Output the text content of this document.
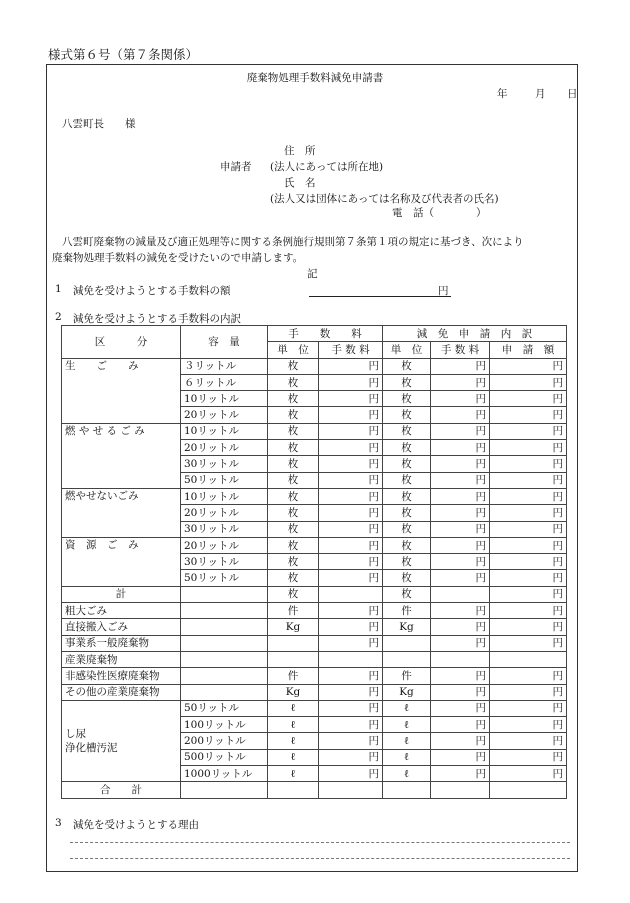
様式第６号（第７条関係）
廃棄物処理手数料減免申請書
年	月 日
八雲町長　　様
住　所
申請者 (法人にあっては所在地)
氏　名
(法人又は団体にあっては名称及び代表者の氏名)
電　話（　　　　）
八雲町廃棄物の減量及び適正処理等に関する条例施行規則第７条第１項の規定に基づき、次により
廃棄物処理手数料の減免を受けたいので申請します。
記
1 減免を受けようとする手数料の額	円
2 減免を受けようとする手数料の内訳
区　　　分	容　量	手　　数　　料		減　免　申　請　内　訳		
		単　位	手 数 料	単　位	手 数 料	申　請　額
生　　ご　　み	３リットル	枚	円	枚	円	円
	６リットル	枚	円	枚	円	円
	10リットル	枚	円	枚	円	円
	20リットル	枚	円	枚	円	円
燃 や せ る ご み	10リットル	枚	円	枚	円	円
	20リットル	枚	円	枚	円	円
	30リットル	枚	円	枚	円	円
	50リットル	枚	円	枚	円	円
燃やせないごみ	10リットル	枚	円	枚	円	円
	20リットル	枚	円	枚	円	円
	30リットル	枚	円	枚	円	円
資　源　ご　み	20リットル	枚	円	枚	円	円
	30リットル	枚	円	枚	円	円
	50リットル	枚	円	枚	円	円
計		枚		枚		円
粗大ごみ		件	円	件	円	円
直接搬入ごみ		Kg	円	Kg	円	円
事業系一般廃棄物			円		円	円
産業廃棄物						
非感染性医療廃棄物		件	円	件	円	円
その他の産業廃棄物		Kg	円	Kg	円	円

し尿
浄化槽汚泥	50リットル	ℓ	円	ℓ	円	円
	100リットル	ℓ	円	ℓ	円	円
	200リットル	ℓ	円	ℓ	円	円
	500リットル	ℓ	円	ℓ	円	円
	1000リットル	ℓ	円	ℓ	円	円
合　　計						
3 減免を受けようとする理由
